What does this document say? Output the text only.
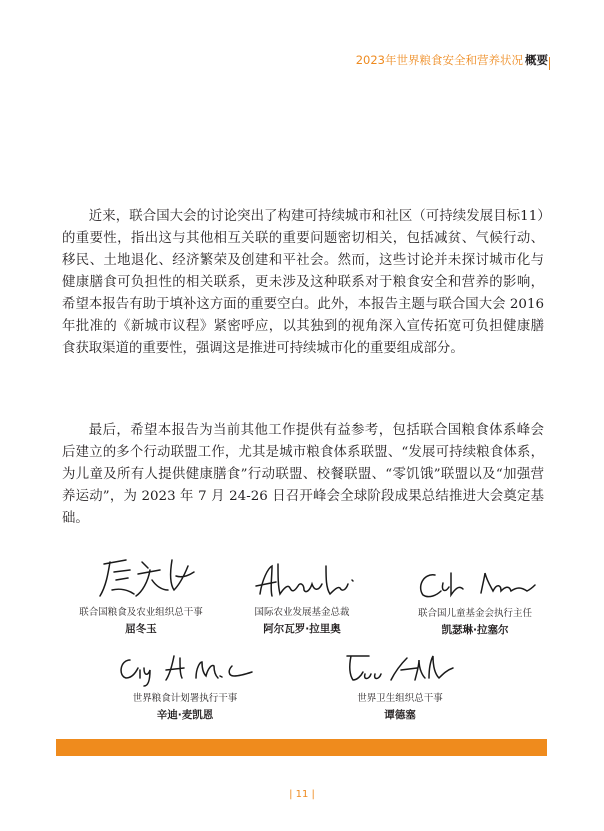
2023年世界粮食安全和营养状况 概要

近来，联合国大会的讨论突出了构建可持续城市和社区（可持续发展目标11）的重要性，指出这与其他相互关联的重要问题密切相关，包括减贫、气候行动、移民、土地退化、经济繁荣及创建和平社会。然而，这些讨论并未探讨城市化与健康膳食可负担性的相关联系，更未涉及这种联系对于粮食安全和营养的影响，希望本报告有助于填补这方面的重要空白。此外，本报告主题与联合国大会 2016 年批准的《新城市议程》紧密呼应，以其独到的视角深入宣传拓宽可负担健康膳食获取渠道的重要性，强调这是推进可持续城市化的重要组成部分。

最后，希望本报告为当前其他工作提供有益参考，包括联合国粮食体系峰会后建立的多个行动联盟工作，尤其是城市粮食体系联盟、“发展可持续粮食体系，为儿童及所有人提供健康膳食”行动联盟、校餐联盟、“零饥饿”联盟以及“加强营养运动”，为 2023 年 7 月 24-26 日召开峰会全球阶段成果总结推进大会奠定基础。

联合国粮食及农业组织总干事
屈冬玉
国际农业发展基金总裁
阿尔瓦罗·拉里奥
联合国儿童基金会执行主任
凯瑟琳·拉塞尔
世界粮食计划署执行干事
辛迪·麦凯恩
世界卫生组织总干事
谭德塞
| 11 |
